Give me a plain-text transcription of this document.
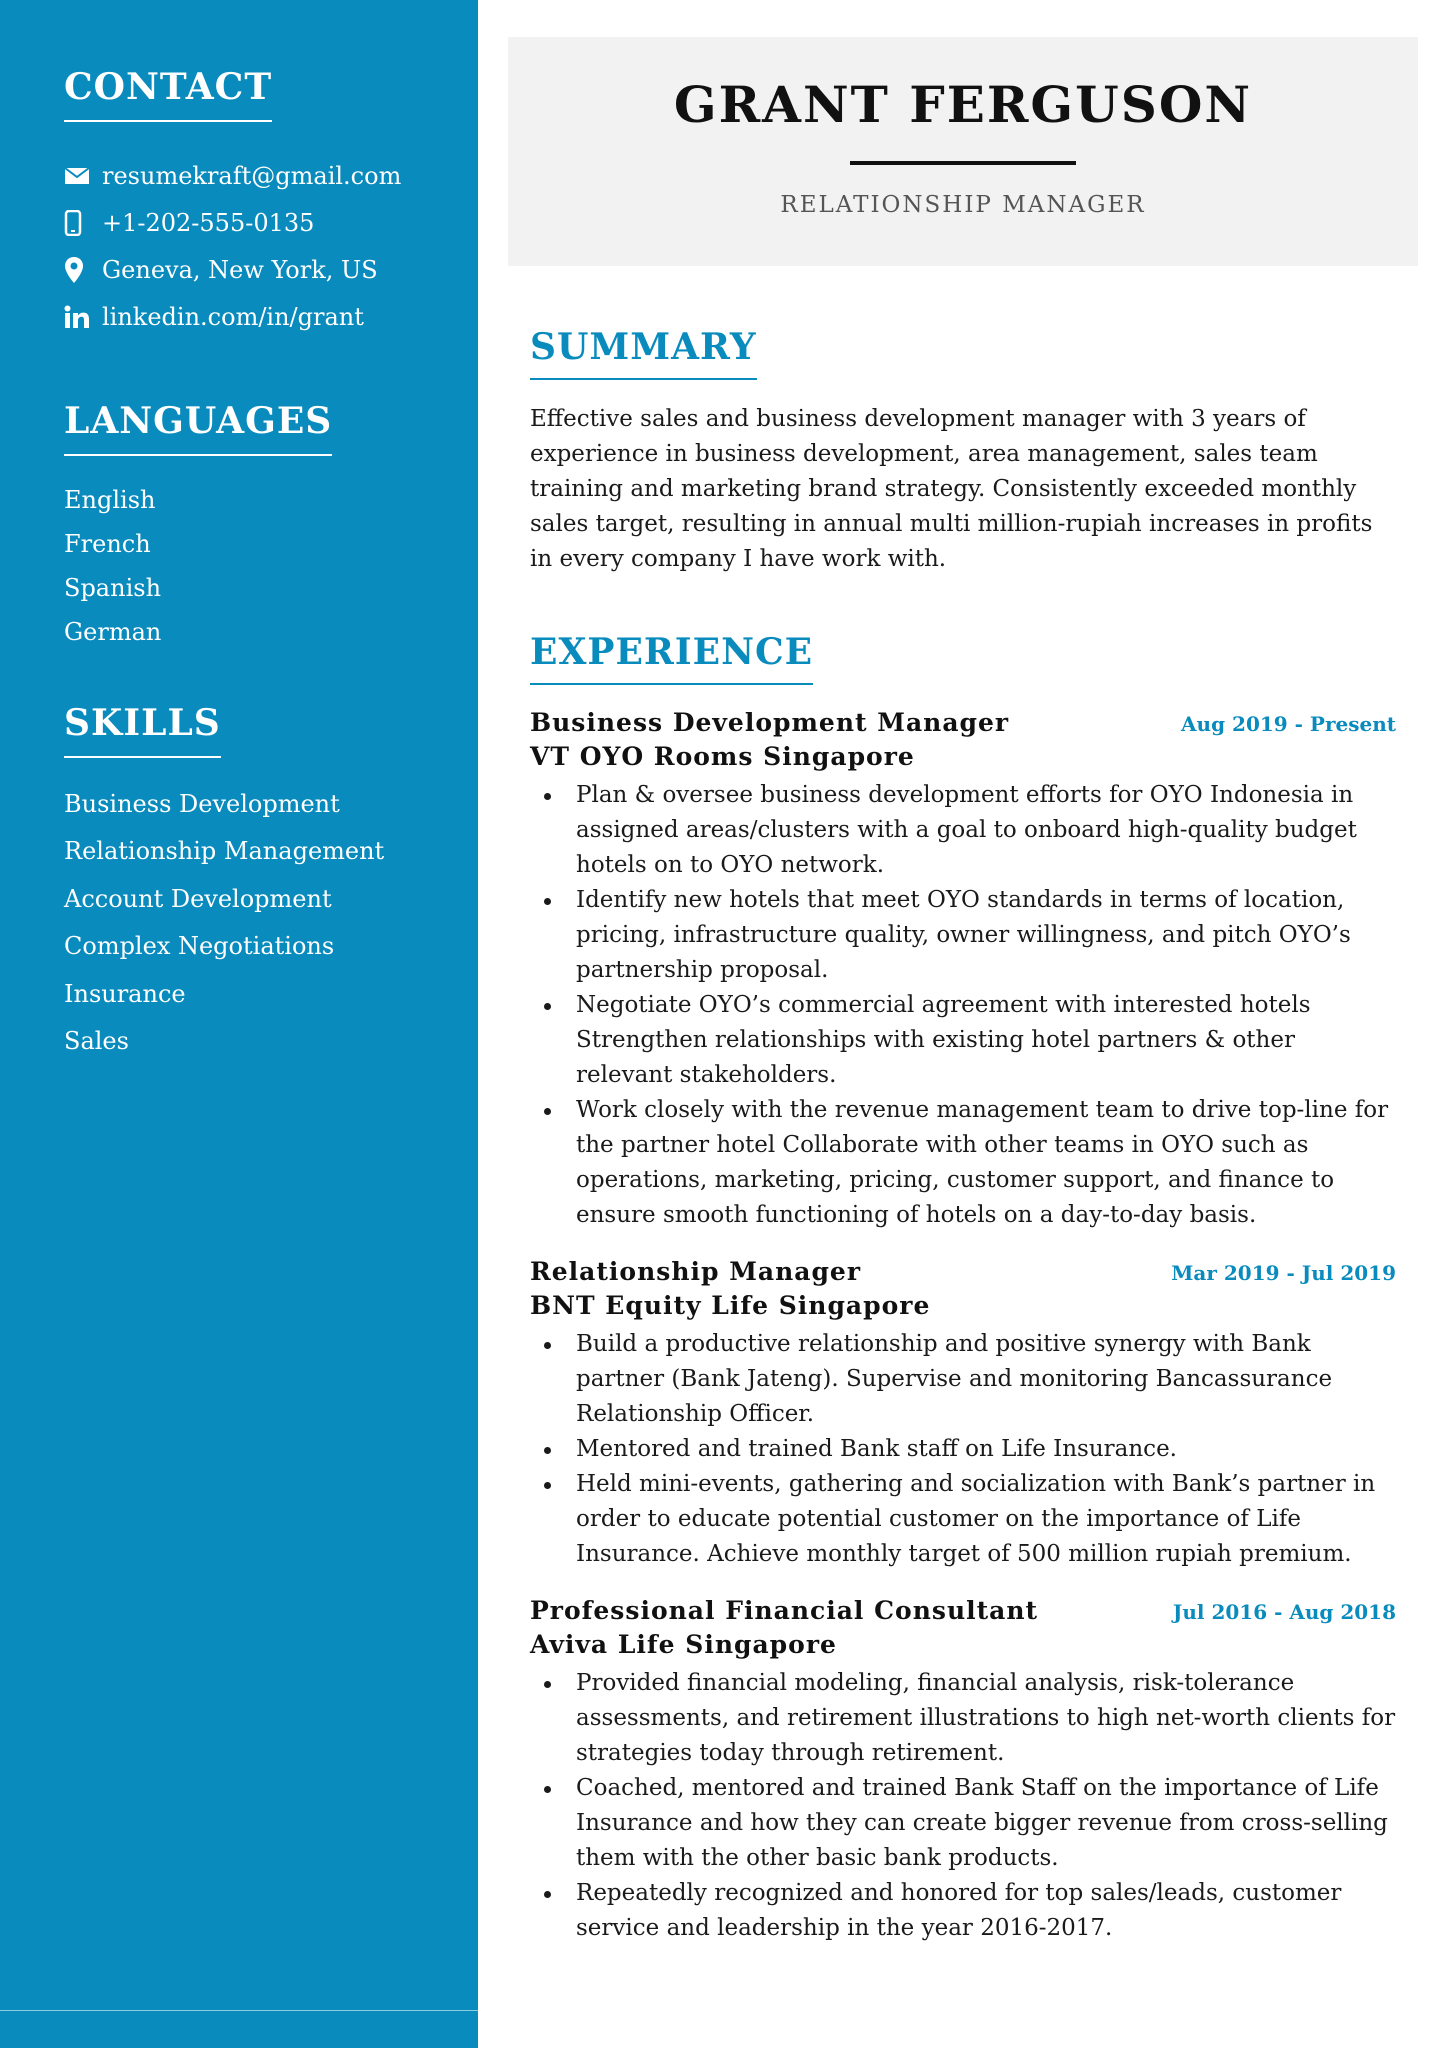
CONTACT
resumekraft@gmail.com
+1-202-555-0135
Geneva, New York, US
linkedin.com/in/grant
LANGUAGES
English
French
Spanish
German
SKILLS
Business Development
Relationship Management
Account Development
Complex Negotiations
Insurance
Sales
GRANT FERGUSON
RELATIONSHIP MANAGER
SUMMARY

Effective sales and business development manager with 3 years of experience in business development, area management, sales team training and marketing brand strategy. Consistently exceeded monthly sales target, resulting in annual multi million-rupiah increases in profits in every company I have work with.

EXPERIENCE
Business Development Manager	Aug 2019 - Present
VT OYO Rooms Singapore
Plan & oversee business development efforts for OYO Indonesia in assigned areas/clusters with a goal to onboard high-quality budget hotels on to OYO network.
Identify new hotels that meet OYO standards in terms of location, pricing, infrastructure quality, owner willingness, and pitch OYO’s partnership proposal.
Negotiate OYO’s commercial agreement with interested hotels Strengthen relationships with existing hotel partners & other relevant stakeholders.
Work closely with the revenue management team to drive top-line for the partner hotel Collaborate with other teams in OYO such as operations, marketing, pricing, customer support, and finance to ensure smooth functioning of hotels on a day-to-day basis.
Relationship Manager	Mar 2019 - Jul 2019
BNT Equity Life Singapore
Build a productive relationship and positive synergy with Bank partner (Bank Jateng). Supervise and monitoring Bancassurance Relationship Officer.
Mentored and trained Bank staff on Life Insurance.
Held mini-events, gathering and socialization with Bank’s partner in order to educate potential customer on the importance of Life Insurance. Achieve monthly target of 500 million rupiah premium.
Professional Financial Consultant	Jul 2016 - Aug 2018
Aviva Life Singapore
Provided financial modeling, financial analysis, risk-tolerance assessments, and retirement illustrations to high net-worth clients for strategies today through retirement.
Coached, mentored and trained Bank Staff on the importance of Life Insurance and how they can create bigger revenue from cross-selling them with the other basic bank products.
Repeatedly recognized and honored for top sales/leads, customer service and leadership in the year 2016-2017.
